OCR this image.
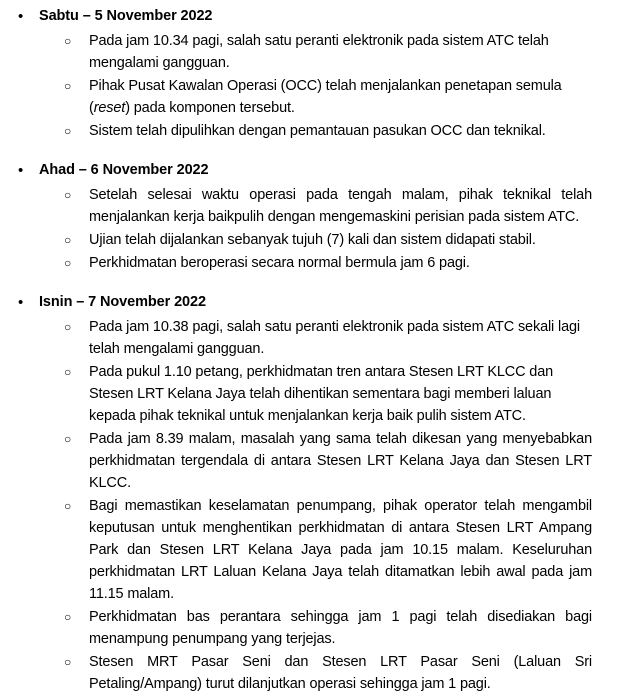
•	Sabtu – 5 November 2022
○	Pada jam 10.34 pagi, salah satu peranti elektronik pada sistem ATC telah mengalami gangguan.
○	Pihak Pusat Kawalan Operasi (OCC) telah menjalankan penetapan semula (reset) pada komponen tersebut.
○	Sistem telah dipulihkan dengan pemantauan pasukan OCC dan teknikal.
•	Ahad – 6 November 2022
○	Setelah selesai waktu operasi pada tengah malam, pihak teknikal telah menjalankan kerja baikpulih dengan mengemaskini perisian pada sistem ATC.
○	Ujian telah dijalankan sebanyak tujuh (7) kali dan sistem didapati stabil.
○	Perkhidmatan beroperasi secara normal bermula jam 6 pagi.
•	Isnin – 7 November 2022
○	Pada jam 10.38 pagi, salah satu peranti elektronik pada sistem ATC sekali lagi telah mengalami gangguan.
○	Pada pukul 1.10 petang, perkhidmatan tren antara Stesen LRT KLCC dan Stesen LRT Kelana Jaya telah dihentikan sementara bagi memberi laluan kepada pihak teknikal untuk menjalankan kerja baik pulih sistem ATC.
○	Pada jam 8.39 malam, masalah yang sama telah dikesan yang menyebabkan perkhidmatan tergendala di antara Stesen LRT Kelana Jaya dan Stesen LRT KLCC.
○	Bagi memastikan keselamatan penumpang, pihak operator telah mengambil keputusan untuk menghentikan perkhidmatan di antara Stesen LRT Ampang Park dan Stesen LRT Kelana Jaya pada jam 10.15 malam. Keseluruhan perkhidmatan LRT Laluan Kelana Jaya telah ditamatkan lebih awal pada jam 11.15 malam.
○	Perkhidmatan bas perantara sehingga jam 1 pagi telah disediakan bagi menampung penumpang yang terjejas.
○	Stesen MRT Pasar Seni dan Stesen LRT Pasar Seni (Laluan Sri Petaling/Ampang) turut dilanjutkan operasi sehingga jam 1 pagi.
